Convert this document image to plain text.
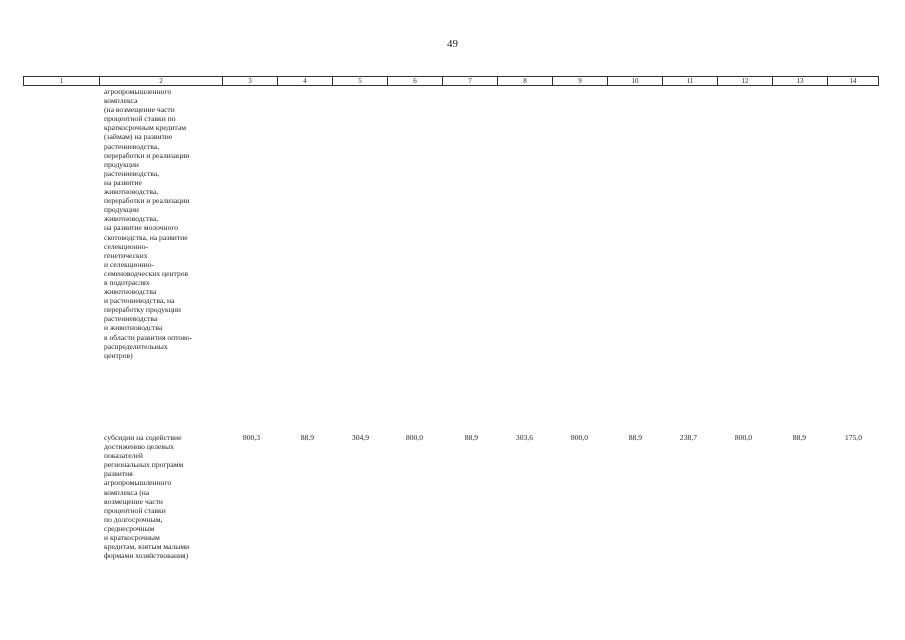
49
1	2	3	4	5	6	7	8	9	10	11	12	13	14
агропромышленного
комплекса
(на возмещение части
процентной ставки по
краткосрочным кредитам
(займам) на развитие
растениеводства,
переработки и реализации
продукции
растениеводства,
на развитие
животноводства,
переработки и реализации
продукции
животноводства,
на развитие молочного
скотоводства, на развитие
селекционно-
генетических
и селекционно-
семеноводческих центров
в подотраслях
животноводства
и растениеводства, на
переработку продукции
растениеводства
и животноводства
в области развития оптово-
распределительных
центров)
субсидии на содействие
достижению целевых
показателей
региональных программ
развития
агропромышленного
комплекса (на
возмещение части
процентной ставки
по долгосрочным,
среднесрочным
и краткосрочным
кредитам, взятым малыми
формами хозяйствования)
800,3	88,9	304,9	800,0	88,9	303,6	800,0	88,9	238,7	800,0	88,9	175,0
